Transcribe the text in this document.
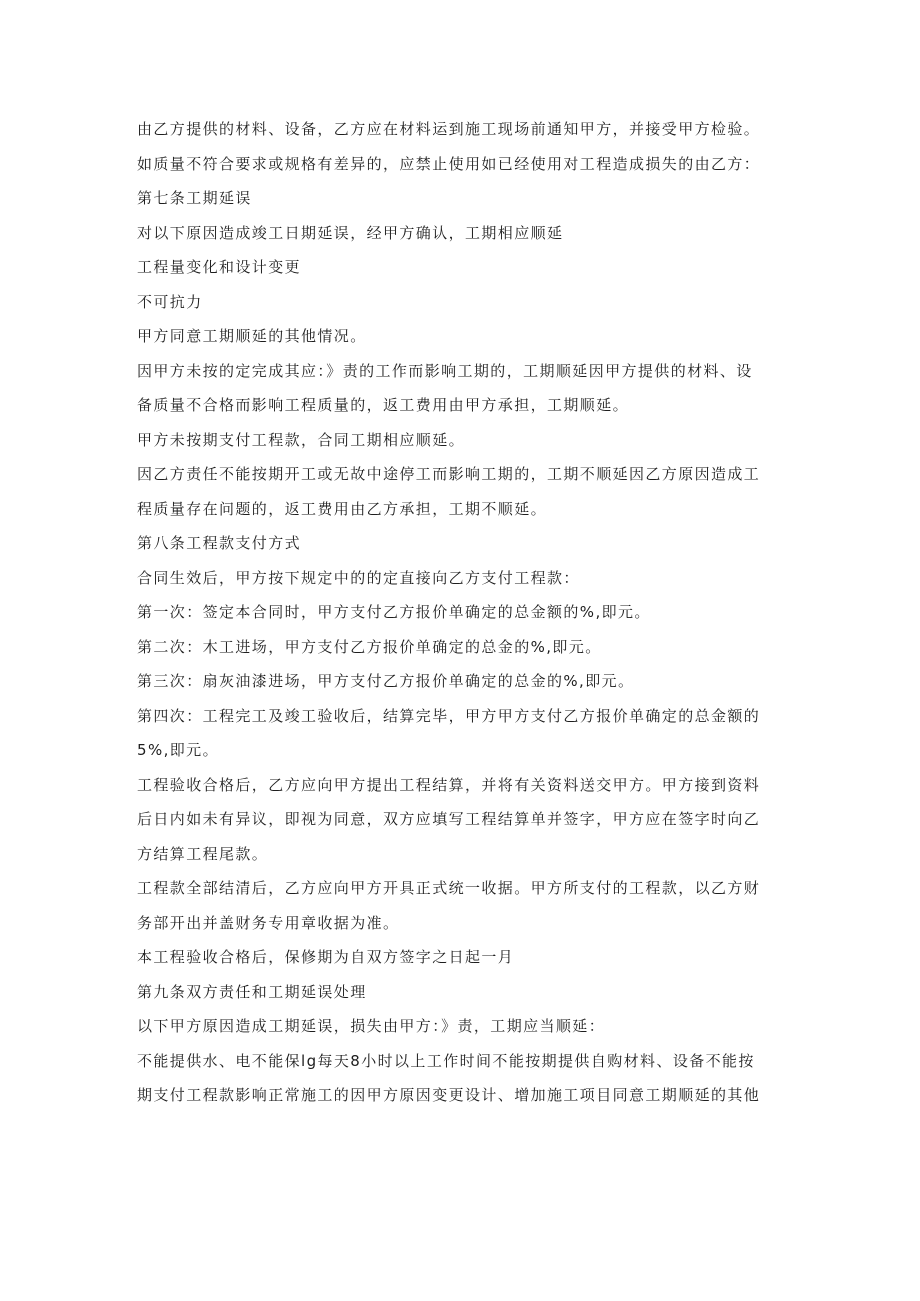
由乙方提供的材料、设备，乙方应在材料运到施工现场前通知甲方，并接受甲方检验。
如质量不符合要求或规格有差异的，应禁止使用如已经使用对工程造成损失的由乙方：
第七条工期延误
对以下原因造成竣工日期延误，经甲方确认，工期相应顺延
工程量变化和设计变更
不可抗力
甲方同意工期顺延的其他情况。
因甲方未按的定完成其应：》责的工作而影响工期的，工期顺延因甲方提供的材料、设
备质量不合格而影响工程质量的，返工费用由甲方承担，工期顺延。
甲方未按期支付工程款，合同工期相应顺延。
因乙方责任不能按期开工或无故中途停工而影响工期的，工期不顺延因乙方原因造成工
程质量存在问题的，返工费用由乙方承担，工期不顺延。
第八条工程款支付方式
合同生效后，甲方按下规定中的的定直接向乙方支付工程款：
第一次：签定本合同时，甲方支付乙方报价单确定的总金额的%,即元。
第二次：木工进场，甲方支付乙方报价单确定的总金的%,即元。
第三次：扇灰油漆进场，甲方支付乙方报价单确定的总金的%,即元。
第四次：工程完工及竣工验收后，结算完毕，甲方甲方支付乙方报价单确定的总金额的
5%,即元。
工程验收合格后，乙方应向甲方提出工程结算，并将有关资料送交甲方。甲方接到资料
后日内如未有异议，即视为同意，双方应填写工程结算单并签字，甲方应在签字时向乙
方结算工程尾款。
工程款全部结清后，乙方应向甲方开具正式统一收据。甲方所支付的工程款，以乙方财
务部开出并盖财务专用章收据为准。
本工程验收合格后，保修期为自双方签字之日起一月
第九条双方责任和工期延误处理
以下甲方原因造成工期延误，损失由甲方：》责，工期应当顺延：
不能提供水、电不能保lg每天8小时以上工作时间不能按期提供自购材料、设备不能按
期支付工程款影响正常施工的因甲方原因变更设计、增加施工项目同意工期顺延的其他
